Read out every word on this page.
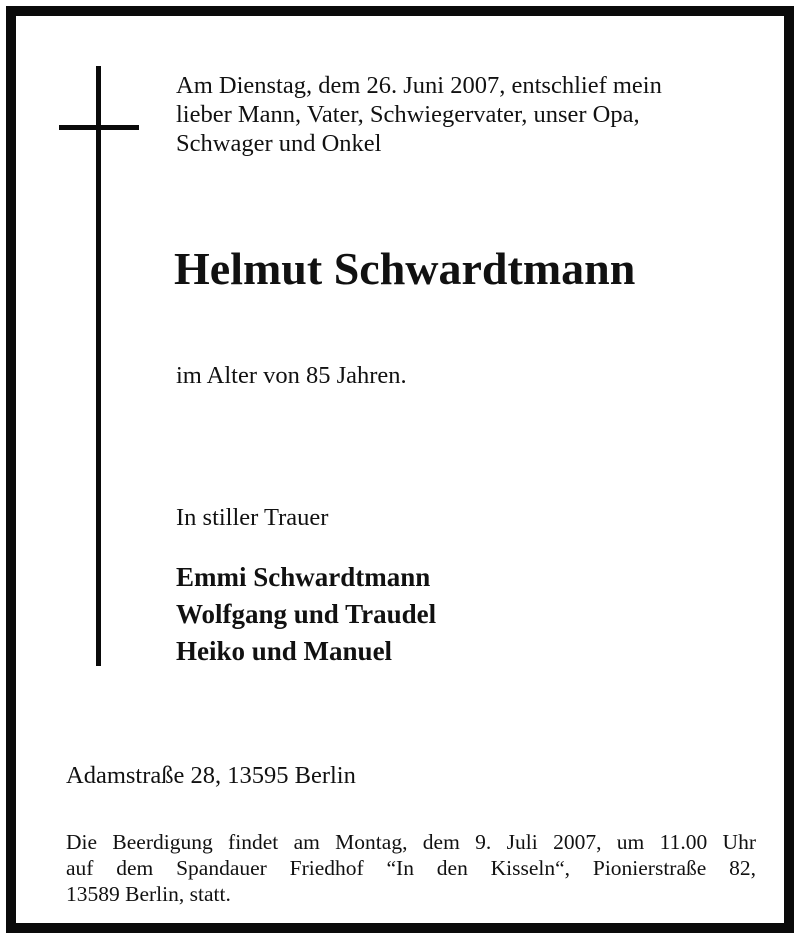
Am Dienstag, dem 26. Juni 2007, entschlief mein
lieber Mann, Vater, Schwiegervater, unser Opa,
Schwager und Onkel

Helmut Schwardtmann

im Alter von 85 Jahren.

In stiller Trauer

Emmi Schwardtmann
Wolfgang und Traudel
Heiko und Manuel

Adamstraße 28, 13595 Berlin

Die Beerdigung findet am Montag, dem 9. Juli 2007, um 11.00 Uhr
auf dem Spandauer Friedhof “In den Kisseln“, Pionierstraße 82,
13589 Berlin, statt.
